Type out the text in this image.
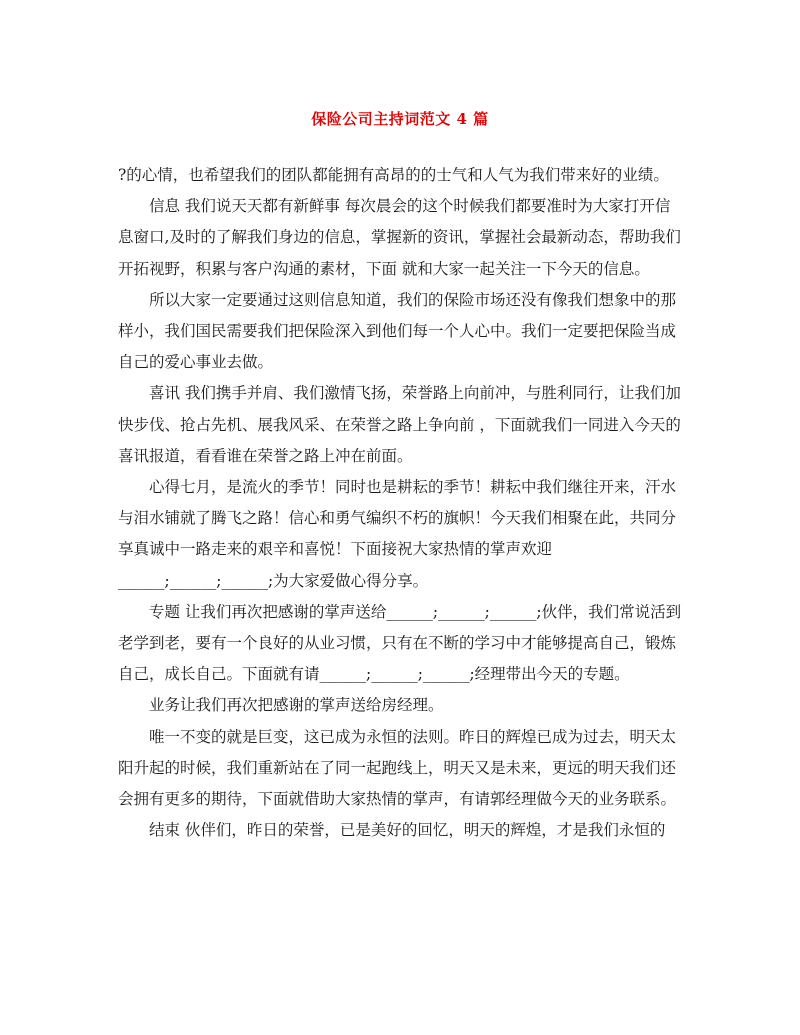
保险公司主持词范文 4 篇

?的心情，也希望我们的团队都能拥有高昂的的士气和人气为我们带来好的业绩。

信息 我们说天天都有新鲜事 每次晨会的这个时候我们都要准时为大家打开信息窗口,及时的了解我们身边的信息，掌握新的资讯，掌握社会最新动态，帮助我们开拓视野，积累与客户沟通的素材，下面 就和大家一起关注一下今天的信息。

所以大家一定要通过这则信息知道，我们的保险市场还没有像我们想象中的那样小，我们国民需要我们把保险深入到他们每一个人心中。我们一定要把保险当成自己的爱心事业去做。

喜讯 我们携手并肩、我们激情飞扬，荣誉路上向前冲，与胜利同行，让我们加快步伐、抢占先机、展我风采、在荣誉之路上争向前 ，下面就我们一同进入今天的喜讯报道，看看谁在荣誉之路上冲在前面。

心得七月，是流火的季节！同时也是耕耘的季节！耕耘中我们继往开来，汗水与泪水铺就了腾飞之路！信心和勇气编织不朽的旗帜！今天我们相聚在此，共同分享真诚中一路走来的艰辛和喜悦！下面接祝大家热情的掌声欢迎

______;______;______;为大家爱做心得分享。

专题 让我们再次把感谢的掌声送给______;______;______;伙伴，我们常说活到老学到老，要有一个良好的从业习惯，只有在不断的学习中才能够提高自己，锻炼自己，成长自己。下面就有请______;______;______;经理带出今天的专题。

业务让我们再次把感谢的掌声送给房经理。

唯一不变的就是巨变，这已成为永恒的法则。昨日的辉煌已成为过去，明天太阳升起的时候，我们重新站在了同一起跑线上，明天又是未来，更远的明天我们还会拥有更多的期待，下面就借助大家热情的掌声，有请郭经理做今天的业务联系。

结束 伙伴们，昨日的荣誉，已是美好的回忆，明天的辉煌，才是我们永恒的
